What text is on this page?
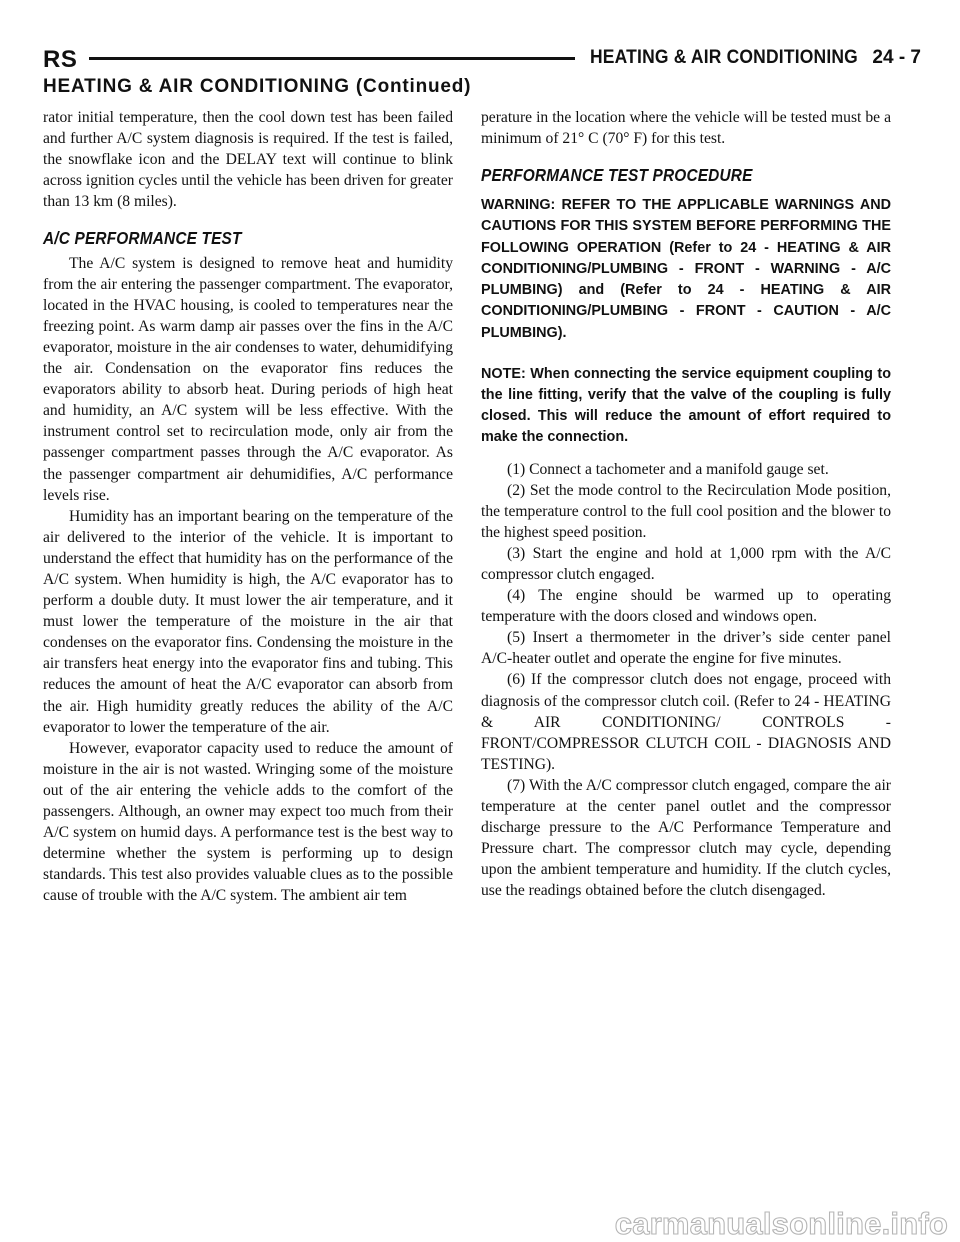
RS	HEATING & AIR CONDITIONING 24 - 7
HEATING & AIR CONDITIONING (Continued)

rator initial temperature, then the cool down test has been failed and further A/C system diagnosis is required. If the test is failed, the snowflake icon and the DELAY text will continue to blink across ignition cycles until the vehicle has been driven for greater than 13 km (8 miles).

A/C PERFORMANCE TEST

The A/C system is designed to remove heat and humidity from the air entering the passenger compartment. The evaporator, located in the HVAC housing, is cooled to temperatures near the freezing point. As warm damp air passes over the fins in the A/C evaporator, moisture in the air condenses to water, dehumidifying the air. Condensation on the evaporator fins reduces the evaporators ability to absorb heat. During periods of high heat and humidity, an A/C system will be less effective. With the instrument control set to recirculation mode, only air from the passenger compartment passes through the A/C evaporator. As the passenger compartment air dehumidifies, A/C performance levels rise.

Humidity has an important bearing on the temperature of the air delivered to the interior of the vehicle. It is important to understand the effect that humidity has on the performance of the A/C system. When humidity is high, the A/C evaporator has to perform a double duty. It must lower the air temperature, and it must lower the temperature of the moisture in the air that condenses on the evaporator fins. Condensing the moisture in the air transfers heat energy into the evaporator fins and tubing. This reduces the amount of heat the A/C evaporator can absorb from the air. High humidity greatly reduces the ability of the A/C evaporator to lower the temperature of the air.

However, evaporator capacity used to reduce the amount of moisture in the air is not wasted. Wringing some of the moisture out of the air entering the vehicle adds to the comfort of the passengers. Although, an owner may expect too much from their A/C system on humid days. A performance test is the best way to determine whether the system is performing up to design standards. This test also provides valuable clues as to the possible cause of trouble with the A/C system. The ambient air tem

perature in the location where the vehicle will be tested must be a minimum of 21° C (70° F) for this test.

PERFORMANCE TEST PROCEDURE

WARNING: REFER TO THE APPLICABLE WARNINGS AND CAUTIONS FOR THIS SYSTEM BEFORE PERFORMING THE FOLLOWING OPERATION (Refer to 24 - HEATING & AIR CONDITIONING/PLUMBING - FRONT - WARNING - A/C PLUMBING) and (Refer to 24 - HEATING & AIR CONDITIONING/PLUMBING - FRONT - CAUTION - A/C PLUMBING).

NOTE: When connecting the service equipment coupling to the line fitting, verify that the valve of the coupling is fully closed. This will reduce the amount of effort required to make the connection.

(1) Connect a tachometer and a manifold gauge set.

(2) Set the mode control to the Recirculation Mode position, the temperature control to the full cool position and the blower to the highest speed position.

(3) Start the engine and hold at 1,000 rpm with the A/C compressor clutch engaged.

(4) The engine should be warmed up to operating temperature with the doors closed and windows open.

(5) Insert a thermometer in the driver’s side center panel A/C-heater outlet and operate the engine for five minutes.

(6) If the compressor clutch does not engage, proceed with diagnosis of the compressor clutch coil. (Refer to 24 - HEATING & AIR CONDITIONING/ CONTROLS - FRONT/COMPRESSOR CLUTCH COIL - DIAGNOSIS AND TESTING).

(7) With the A/C compressor clutch engaged, compare the air temperature at the center panel outlet and the compressor discharge pressure to the A/C Performance Temperature and Pressure chart. The compressor clutch may cycle, depending upon the ambient temperature and humidity. If the clutch cycles, use the readings obtained before the clutch disengaged.

carmanualsonline.info
